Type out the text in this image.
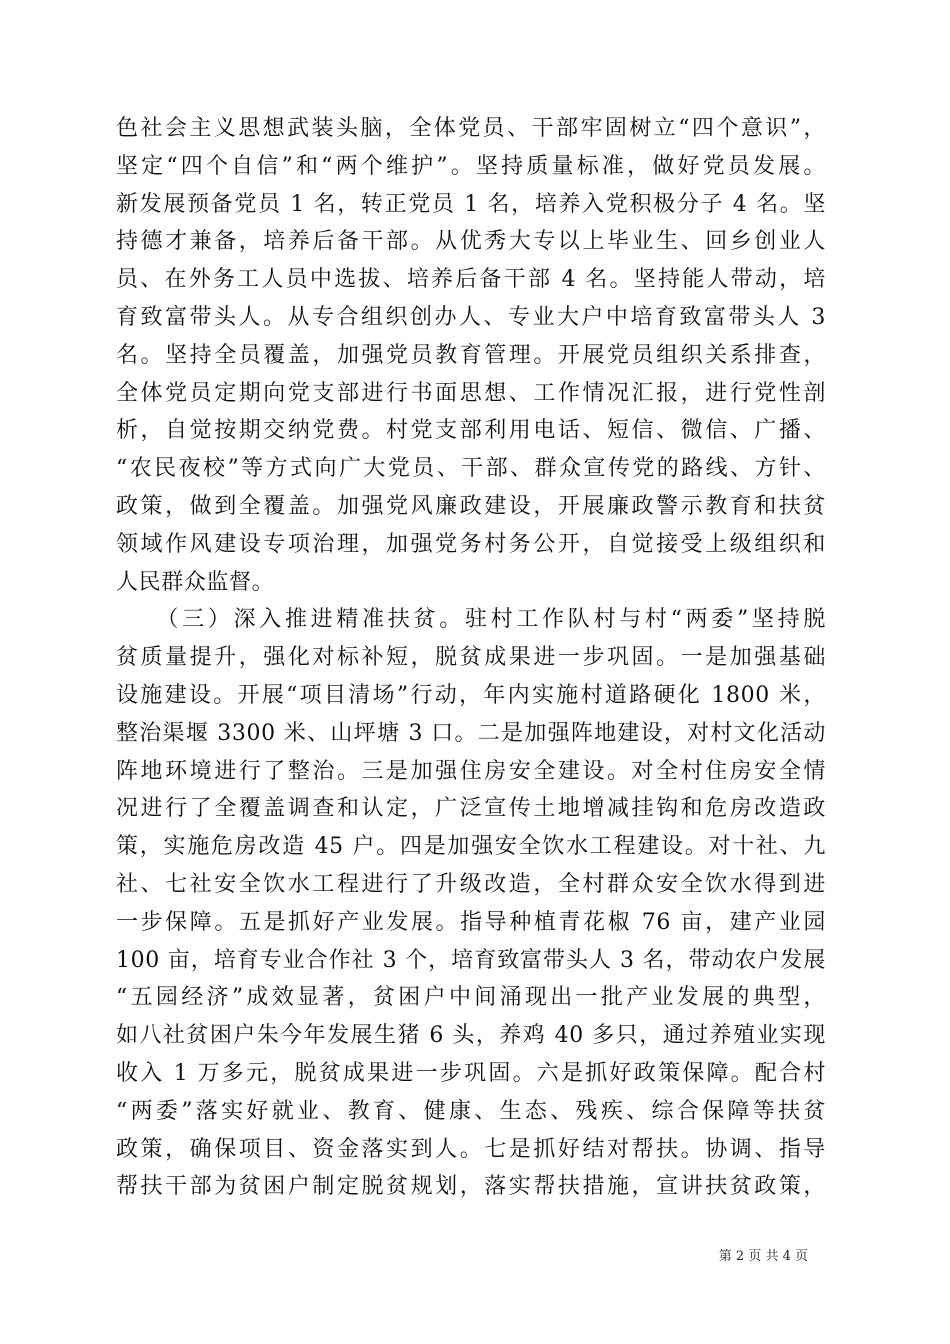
色社会主义思想武装头脑，全体党员、干部牢固树立“四个意识”，
坚定“四个自信”和“两个维护”。坚持质量标准，做好党员发展。
新发展预备党员 1 名，转正党员 1 名，培养入党积极分子 4 名。坚
持德才兼备，培养后备干部。从优秀大专以上毕业生、回乡创业人
员、在外务工人员中选拔、培养后备干部 4 名。坚持能人带动，培
育致富带头人。从专合组织创办人、专业大户中培育致富带头人 3
名。坚持全员覆盖，加强党员教育管理。开展党员组织关系排查，
全体党员定期向党支部进行书面思想、工作情况汇报，进行党性剖
析，自觉按期交纳党费。村党支部利用电话、短信、微信、广播、
“农民夜校”等方式向广大党员、干部、群众宣传党的路线、方针、
政策，做到全覆盖。加强党风廉政建设，开展廉政警示教育和扶贫
领域作风建设专项治理，加强党务村务公开，自觉接受上级组织和
人民群众监督。
　　（三）深入推进精准扶贫。驻村工作队村与村“两委”坚持脱
贫质量提升，强化对标补短，脱贫成果进一步巩固。一是加强基础
设施建设。开展“项目清场”行动，年内实施村道路硬化 1800 米，
整治渠堰 3300 米、山坪塘 3 口。二是加强阵地建设，对村文化活动
阵地环境进行了整治。三是加强住房安全建设。对全村住房安全情
况进行了全覆盖调查和认定，广泛宣传土地增减挂钩和危房改造政
策，实施危房改造 45 户。四是加强安全饮水工程建设。对十社、九
社、七社安全饮水工程进行了升级改造，全村群众安全饮水得到进
一步保障。五是抓好产业发展。指导种植青花椒 76 亩，建产业园
100 亩，培育专业合作社 3 个，培育致富带头人 3 名，带动农户发展
“五园经济”成效显著，贫困户中间涌现出一批产业发展的典型，
如八社贫困户朱今年发展生猪 6 头，养鸡 40 多只，通过养殖业实现
收入 1 万多元，脱贫成果进一步巩固。六是抓好政策保障。配合村
“两委”落实好就业、教育、健康、生态、残疾、综合保障等扶贫
政策，确保项目、资金落实到人。七是抓好结对帮扶。协调、指导
帮扶干部为贫困户制定脱贫规划，落实帮扶措施，宣讲扶贫政策，
第 2 页 共 4 页
